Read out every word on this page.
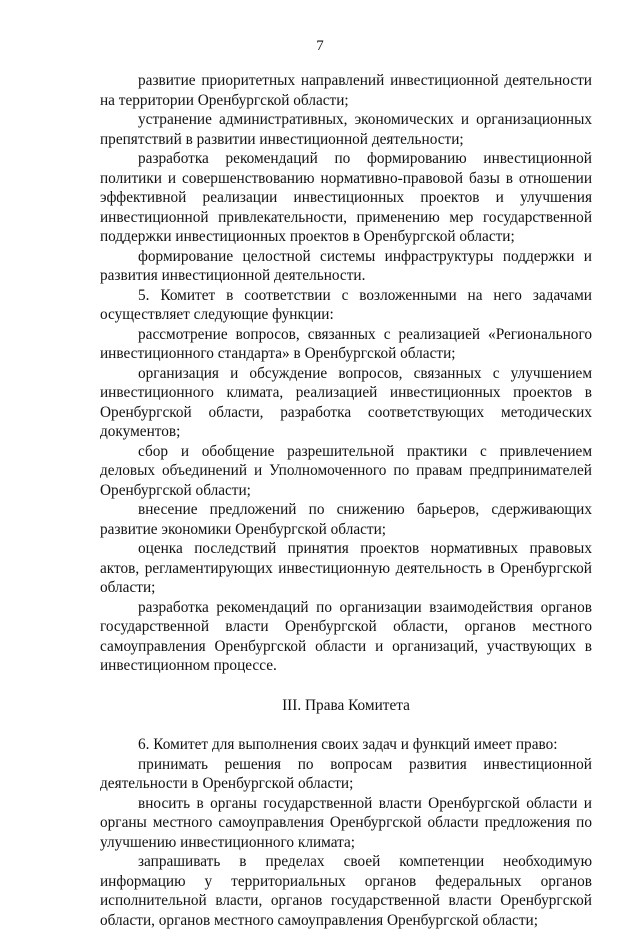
7

развитие приоритетных направлений инвестиционной деятельности на территории Оренбургской области;

устранение административных, экономических и организационных препятствий в развитии инвестиционной деятельности;

разработка рекомендаций по формированию инвестиционной политики и совершенствованию нормативно-правовой базы в отношении эффективной реализации инвестиционных проектов и улучшения инвестиционной привлекательности, применению мер государственной поддержки инвестиционных проектов в Оренбургской области;

формирование целостной системы инфраструктуры поддержки и развития инвестиционной деятельности.

5. Комитет в соответствии с возложенными на него задачами осуществляет следующие функции:

рассмотрение вопросов, связанных с реализацией «Регионального инвестиционного стандарта» в Оренбургской области;

организация и обсуждение вопросов, связанных с улучшением инвестиционного климата, реализацией инвестиционных проектов в Оренбургской области, разработка соответствующих методических документов;

сбор и обобщение разрешительной практики с привлечением деловых объединений и Уполномоченного по правам предпринимателей Оренбургской области;

внесение предложений по снижению барьеров, сдерживающих развитие экономики Оренбургской области;

оценка последствий принятия проектов нормативных правовых актов, регламентирующих инвестиционную деятельность в Оренбургской области;

разработка рекомендаций по организации взаимодействия органов государственной власти Оренбургской области, органов местного самоуправления Оренбургской области и организаций, участвующих в инвестиционном процессе.

III. Права Комитета

6. Комитет для выполнения своих задач и функций имеет право:

принимать решения по вопросам развития инвестиционной деятельности в Оренбургской области;

вносить в органы государственной власти Оренбургской области и органы местного самоуправления Оренбургской области предложения по улучшению инвестиционного климата;

запрашивать в пределах своей компетенции необходимую информацию у территориальных органов федеральных органов исполнительной власти, органов государственной власти Оренбургской области, органов местного самоуправления Оренбургской области;
